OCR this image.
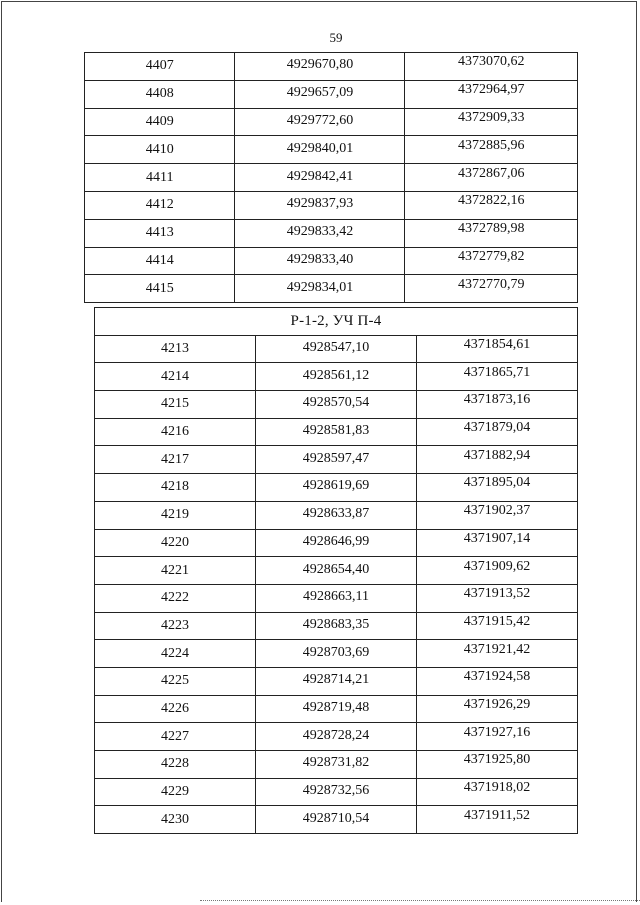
59
4407	4929670,80	4373070,62
4408	4929657,09	4372964,97
4409	4929772,60	4372909,33
4410	4929840,01	4372885,96
4411	4929842,41	4372867,06
4412	4929837,93	4372822,16
4413	4929833,42	4372789,98
4414	4929833,40	4372779,82
4415	4929834,01	4372770,79
Р-1-2, УЧ П-4		
4213	4928547,10	4371854,61
4214	4928561,12	4371865,71
4215	4928570,54	4371873,16
4216	4928581,83	4371879,04
4217	4928597,47	4371882,94
4218	4928619,69	4371895,04
4219	4928633,87	4371902,37
4220	4928646,99	4371907,14
4221	4928654,40	4371909,62
4222	4928663,11	4371913,52
4223	4928683,35	4371915,42
4224	4928703,69	4371921,42
4225	4928714,21	4371924,58
4226	4928719,48	4371926,29
4227	4928728,24	4371927,16
4228	4928731,82	4371925,80
4229	4928732,56	4371918,02
4230	4928710,54	4371911,52
